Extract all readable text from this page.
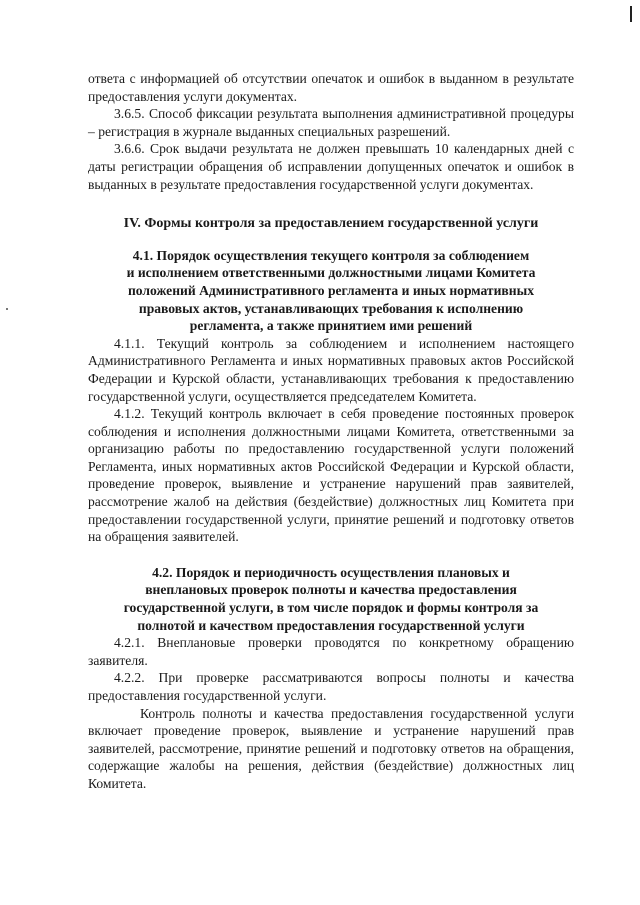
ответа с информацией об отсутствии опечаток и ошибок в выданном в результате предоставления услуги документах.

3.6.5. Способ фиксации результата выполнения административной процедуры – регистрация в журнале выданных специальных разрешений.

3.6.6. Срок выдачи результата не должен превышать 10 календарных дней с даты регистрации обращения об исправлении допущенных опечаток и ошибок в выданных в результате предоставления государственной услуги документах.

IV. Формы контроля за предоставлением государственной услуги
4.1. Порядок осуществления текущего контроля за соблюдением
и исполнением ответственными должностными лицами Комитета
положений Административного регламента и иных нормативных
правовых актов, устанавливающих требования к исполнению
регламента, а также принятием ими решений

4.1.1. Текущий контроль за соблюдением и исполнением настоящего Административного Регламента и иных нормативных правовых актов Российской Федерации и Курской области, устанавливающих требования к предоставлению государственной услуги, осуществляется председателем Комитета.

4.1.2. Текущий контроль включает в себя проведение постоянных проверок соблюдения и исполнения должностными лицами Комитета, ответственными за организацию работы по предоставлению государственной услуги положений Регламента, иных нормативных актов Российской Федерации и Курской области, проведение проверок, выявление и устранение нарушений прав заявителей, рассмотрение жалоб на действия (бездействие) должностных лиц Комитета при предоставлении государственной услуги, принятие решений и подготовку ответов на обращения заявителей.

4.2. Порядок и периодичность осуществления плановых и
внеплановых проверок полноты и качества предоставления
государственной услуги, в том числе порядок и формы контроля за
полнотой и качеством предоставления государственной услуги

4.2.1. Внеплановые проверки проводятся по конкретному обращению заявителя.

4.2.2. При проверке рассматриваются вопросы полноты и качества предоставления государственной услуги.

Контроль полноты и качества предоставления государственной услуги включает проведение проверок, выявление и устранение нарушений прав заявителей, рассмотрение, принятие решений и подготовку ответов на обращения, содержащие жалобы на решения, действия (бездействие) должностных лиц Комитета.
